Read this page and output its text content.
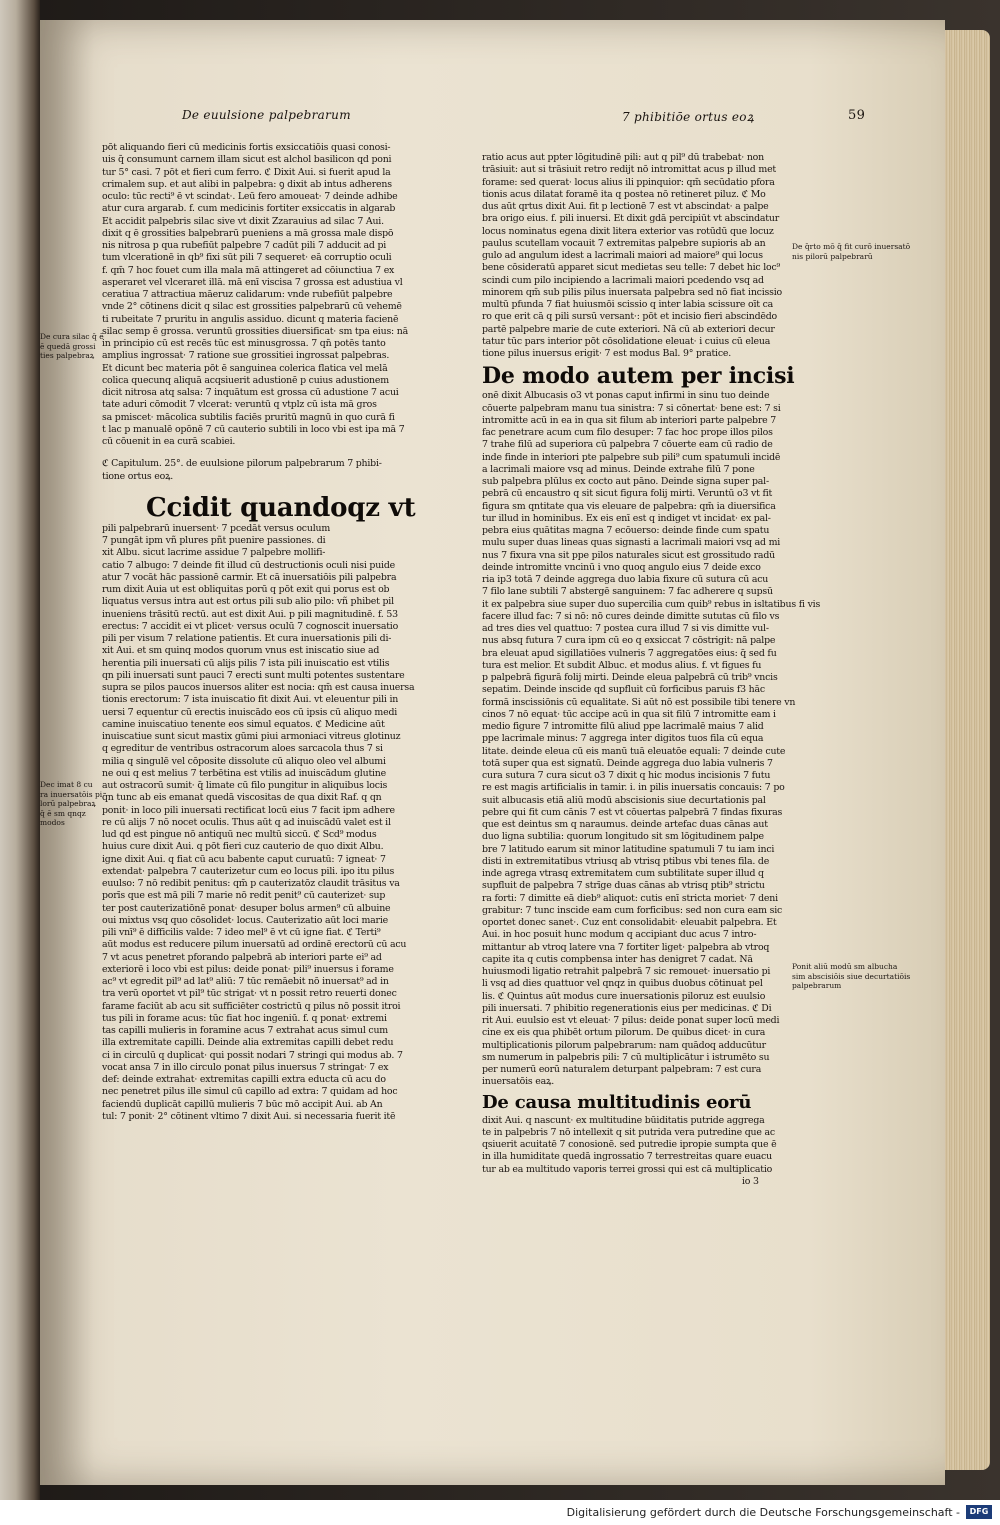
De euulsione palpebrarum	7 phibitiōe ortus eoꝝ	59
pōt aliquando fieri cū medicinis fortis exsiccatiōis quasi conosi-
uis q̄ consumunt carnem illam sicut est alchol basilicon qd poni
tur 5° casi. 7 pōt et fieri cum ferro. ℭ Dixit Aui. si fuerit apud la
crimalem sup. et aut alibi in palpebra: ꝯ dixit ab intus adherens
oculo: tūc recti⁹ ē vt scindat·. Leū fero amoueat· 7 deinde adhibe
atur cura argarab. f. cum medicinis fortiter exsiccatis in algarab
Et accidit palpebris silac sive vt dixit Zzarauius ad silac 7 Aui.
dixit q ē grossities balpebrarū pueniens a mā grossa male dispō
nis nitrosa p qua rubefiūt palpebre 7 cadūt pili 7 adducit ad pi
tum vlcerationē in qb⁹ fixi sūt pili 7 sequeret· eā corruptio oculi
f. qm̄ 7 hoc fouet cum illa mala mā attingeret ad cōiunctiua 7 ex
asperaret vel vlceraret illā. mā enī viscisa 7 grossa est adustiua vl
ceratiua 7 attractiua māeruz calidarum: vnde rubefiūt palpebre
vnde 2° cōtinens dicit q silac est grossities palpebrarū cū vehemē
ti rubeitate 7 pruritu in angulis assiduo. dicunt q materia facienē
silac semp ē grossa. veruntū grossities diuersificat· sm tpa eius: nā
in principio cū est recēs tūc est minusgrossa. 7 qn̄ potēs tanto
amplius ingrossat· 7 ratione sue grossitiei ingrossat palpebras.
Et dicunt bec materia pōt ē sanguinea colerica flatica vel melā
colica quecunq aliquā acqsiuerit adustionē p cuius adustionem
dicit nitrosa atq salsa: 7 inquātum est grossa cū adustione 7 acui
tate aduri cōmodit 7 vlcerat: veruntū q vtplz cū ista mā gros
sa pmiscet· mācolica subtilis faciēs pruritū magnū in quo curā fi
t lac p manualē opōnē 7 cū cauterio subtili in loco vbi est ipa mā 7
cū cōuenit in ea curā scabiei.
ℭ Capitulum. 25°. de euulsione pilorum palpebrarum 7 phibi-
tione ortus eoꝝ.
Ccidit quandoqz vt
pili palpebrarū inuersent· 7 pcedāt versus oculum
7 pungāt ipm vñ plures pñt puenire passiones. di
xit Albu. sicut lacrime assidue 7 palpebre mollifi-
catio 7 albugo: 7 deinde fit illud cū destructionis oculi nisi puide
atur 7 vocāt hāc passionē carmir. Et cā inuersatiōis pili palpebra
rum dixit Auia ut est obliquitas porū q pōt exit qui porus est ob
liquatus versus intra aut est ortus pili sub alio pilo: vñ phibet pil
inueniens trāsitū rectū. aut est dixit Aui. p pili magnitudinē. f. 53
erectus: 7 accidit ei vt plicet· versus oculū 7 cognoscit inuersatio
pili per visum 7 relatione patientis. Et cura inuersationis pili di-
xit Aui. et sm quinq modos quorum vnus est iniscatio siue ad
herentia pili inuersati cū alijs pilis 7 ista pili inuiscatio est vtilis
qn pili inuersati sunt pauci 7 erecti sunt multi potentes sustentare
supra se pilos paucos inuersos aliter est nocia: qm̄ est causa inuersa
tionis erectorum: 7 ista inuiscatio fit dixit Aui. vt eleuentur pili in
uersi 7 equentur cū erectis inuiscādo eos cū ipsis cū aliquo medi
camine inuiscatiuo tenente eos simul equatos. ℭ Medicine aūt
inuiscatiue sunt sicut mastix gūmi piui armoniaci vitreus glotinuz
q egreditur de ventribus ostracorum aloes sarcacola thus 7 si
milia q singulē vel cōposite dissolute cū aliquo oleo vel albumi
ne oui q est melius 7 terbētina est vtilis ad inuiscādum glutine
aut ostracorū sumit· q̄ limate cū filo pungitur in aliquibus locis
q̄n tunc ab eis emanat quedā viscositas de qua dixit Raf. q qn
ponit· in loco pili inuersati rectificat locū eius 7 facit ipm adhere
re cū alijs 7 nō nocet oculis. Thus aūt q ad inuiscādū valet est il
lud qd est pingue nō antiquū nec multū siccū. ℭ Scd⁹ modus
huius cure dixit Aui. q pōt fieri cuz cauterio de quo dixit Albu.
igne dixit Aui. q fiat cū acu babente caput curuatū: 7 igneat· 7
extendat· palpebra 7 cauterizetur cum eo locus pili. ipo itu pilus
euulso: 7 nō redibit penitus: qm̄ p cauterizatōz claudit trāsitus va
porīs que est mā pili 7 marie nō redit penit⁹ cū cauterizet· sup
ter post cauterizatiōnē ponat· desuper bolus armen⁹ cū albuine
oui mixtus vsq quo cōsolidet· locus. Cauterizatio aūt loci marie
pili vnī⁹ ē difficilis valde: 7 ideo mel⁹ ē vt cū igne fiat. ℭ Terti⁹
aūt modus est reducere pilum inuersatū ad ordinē erectorū cū acu
7 vt acus penetret pforando palpebrā ab interiori parte ei⁹ ad
exteriorē i loco vbi est pilus: deide ponat· pili⁹ inuersus i forame
ac⁹ vt egredit pil⁹ ad lat⁹ aliū: 7 tūc remāebit nō inuersat⁹ ad in
tra verū oportet vt pil⁹ tūc strigat· vt n possit retro reuerti donec
farame faciūt ab acu sit sufficiēter costrictū q pilus nō possit itroi
tus pili in forame acus: tūc fiat hoc ingeniū. f. q ponat· extremi
tas capilli mulieris in foramine acus 7 extrahat acus simul cum
illa extremitate capilli. Deinde alia extremitas capilli debet redu
ci in circulū q duplicat· qui possit nodari 7 stringi qui modus ab. 7
vocat ansa 7 in illo circulo ponat pilus inuersus 7 stringat· 7 ex
def: deinde extrahat· extremitas capilli extra educta cū acu do
nec penetret pilus ille simul cū capillo ad extra: 7 quidam ad hoc
faciendū duplicāt capillū mulieris 7 būc mō accipit Aui. ab An
tul: 7 ponit· 2° cōtinent vltimo 7 dixit Aui. si necessaria fuerit itē
ratio acus aut ppter lōgitudinē pili: aut q pil⁹ dū trabebat· non
trāsiuit: aut si trāsiuit retro redijt nō intromittat acus p illud met
forame: sed querat· locus alius ili ppinquior: qm̄ secūdatio pfora
tionis acus dilatat foramē ita q postea nō retineret piluz. ℭ Mo
dus aūt qrtus dixit Aui. fit p lectionē 7 est vt abscindat· a palpe
bra origo eius. f. pili inuersi. Et dixit gdā percipiūt vt abscindatur
locus nominatus egena dixit litera exterior vas rotūdū que locuz
paulus scutellam vocauit 7 extremitas palpebre supioris ab an
gulo ad angulum idest a lacrimali maiori ad maiore⁹ qui locus
bene cōsideratū apparet sicut medietas seu telle: 7 debet hic loc⁹
scindi cum pilo incipiendo a lacrimali maiori pcedendo vsq ad
minorem qm̄ sub pilis pilus inuersata palpebra sed nō fiat incissio
multū pfunda 7 fiat huiusmōi scissio q inter labia scissure oīt ca
ro que erit cā q pili sursū versant·: pōt et incisio fieri abscindēdo
partē palpebre marie de cute exteriori. Nā cū ab exteriori decur
tatur tūc pars interior pōt cōsolidatione eleuat· i cuius cū eleua
tione pilus inuersus erigit· 7 est modus Bal. 9° pratice.
De modo autem per incisi
onē dixit Albucasis o3 vt ponas caput infirmi in sinu tuo deinde
cōuerte palpebram manu tua sinistra: 7 si cōnertat· bene est: 7 si
intromitte acū in ea in qua sit filum ab interiori parte palpebre 7
fac penetrare acum cum filo desuper: 7 fac hoc prope illos pilos
7 trahe filū ad superiora cū palpebra 7 cōuerte eam cū radio de
inde finde in interiori pte palpebre sub pili⁹ cum spatumuli incidē
a lacrimali maiore vsq ad minus. Deinde extrahe filū 7 pone
sub palpebra plūlus ex cocto aut pāno. Deinde signa super pal-
pebrā cū encaustro q sit sicut figura folij mirti. Veruntū o3 vt fit
figura sm qntitate qua vis eleuare de palpebra: qm̄ ia diuersifica
tur illud in hominibus. Ex eis enī est q indiget vt incidat· ex pal-
pebra eius quātitas magna 7 ecōuerso: deinde finde cum spatu
mulu super duas lineas quas signasti a lacrimali maiori vsq ad mi
nus 7 fixura vna sit ppe pilos naturales sicut est grossitudo radū
deinde intromitte vncinū i vno quoq angulo eius 7 deide exco
ria ip3 totā 7 deinde aggrega duo labia fixure cū sutura cū acu
7 filo lane subtili 7 abstergē sanguinem: 7 fac adherere q supsū
it ex palpebra siue super duo supercilia cum quib⁹ rebus in isltatibus fi vis
facere illud fac: 7 si nō: nō cures deinde dimitte sututas cū filo vs
ad tres dies vel quattuo: 7 postea cura illud 7 si vis dimitte vul-
nus absq futura 7 cura ipm cū eo q exsiccat 7 cōstrigit: nā palpe
bra eleuat apud sigillatiōes vulneris 7 aggregatōes eius: q̄ sed fu
tura est melior. Et subdit Albuc. et modus alius. f. vt figues fu
p palpebrā figurā folij mirti. Deinde eleua palpebrā cū trib⁹ vncis
sepatim. Deinde inscide qd supfluit cū forficibus paruis f3 hāc
formā inscissiōnis cū equalitate. Si aūt nō est possibile tibi tenere vn
cinos 7 nō equat· tūc accipe acū in qua sit filū 7 intromitte eam i
medio figure 7 intromitte filū aliud ppe lacrimalē maius 7 alid
ppe lacrimale minus: 7 aggrega inter digitos tuos fila cū equa
litate. deinde eleua cū eis manū tuā eleuatōe equali: 7 deinde cute
totā super qua est signatū. Deinde aggrega duo labia vulneris 7
cura sutura 7 cura sicut o3 7 dixit q hic modus incisionis 7 futu
re est magis artificialis in tamir. i. in pilis inuersatis concauis: 7 po
suit albucasis etiā aliū modū abscisionis siue decurtationis pal
pebre qui fit cum cānis 7 est vt cōuertas palpebrā 7 findas fixuras
que est deintus sm q naraumus. deinde artefac duas cānas aut
duo ligna subtilia: quorum longitudo sit sm lōgitudinem palpe
bre 7 latitudo earum sit minor latitudine spatumuli 7 tu iam inci
disti in extremitatibus vtriusq ab vtrisq ptibus vbi tenes fila. de
inde agrega vtrasq extremitatem cum subtilitate super illud q
supfluit de palpebra 7 strīge duas cānas ab vtrisq ptib⁹ strictu
ra forti: 7 dimitte eā dieb⁹ aliquot: cutis enī stricta moriet· 7 deni
grabitur: 7 tunc inscide eam cum forficibus: sed non cura eam sic
oportet donec sanet·. Cuz ent consolidabit· eleuabit palpebra. Et
Aui. in hoc posuit hunc modum q accipiant duc acus 7 intro-
mittantur ab vtroq latere vna 7 fortiter liget· palpebra ab vtroq
capite ita q cutis compbensa inter has denigret 7 cadat. Nā
huiusmodi ligatio retrahit palpebrā 7 sic remouet· inuersatio pi
li vsq ad dies quattuor vel qnqz in quibus duobus cōtinuat pel
lis. ℭ Quintus aūt modus cure inuersationis piloruz est euulsio
pili inuersati. 7 phibitio regenerationis eius per medicinas. ℭ Di
rit Aui. euulsio est vt eleuat· 7 pilus: deide ponat super locū medi
cine ex eis qua phibēt ortum pilorum. De quibus dicet· in cura
multiplicationis pilorum palpebrarum: nam quādoq adducūtur
sm numerum in palpebris pili: 7 cū multiplicātur i istrumēto su
per numerū eorū naturalem deturpant palpebram: 7 est cura
inuersatōis eaꝝ.
De causa multitudinis eorū
dixit Aui. q nascunt· ex multitudine būiditatis putride aggrega
te in palpebris 7 nō intellexit q sit putrida vera putredine que ac
qsiuerit acuitatē 7 conosionē. sed putredie ipropie sumpta que ē
in illa humiditate quedā ingrossatio 7 terrestreitas quare euacu
tur ab ea multitudo vaporis terrei grossi qui est cā multiplicatio
io 3
De cura silac q̄ ē
ē quedā grossi
ties palpebraꝝ
Dec imat 8 cu
ra inuersatōis pi
lorū palpebraꝝ
q̄ ē sm qnqz
modos
De q̄rto mō q̄ fit curō inuersatō
nis pilorū palpebrarū
Ponit aliū modū sm albucha
sim abscisiōis siue decurtatiōis
palpebrarum
Digitalisierung gefördert durch die Deutsche Forschungsgemeinschaft -	DFG
